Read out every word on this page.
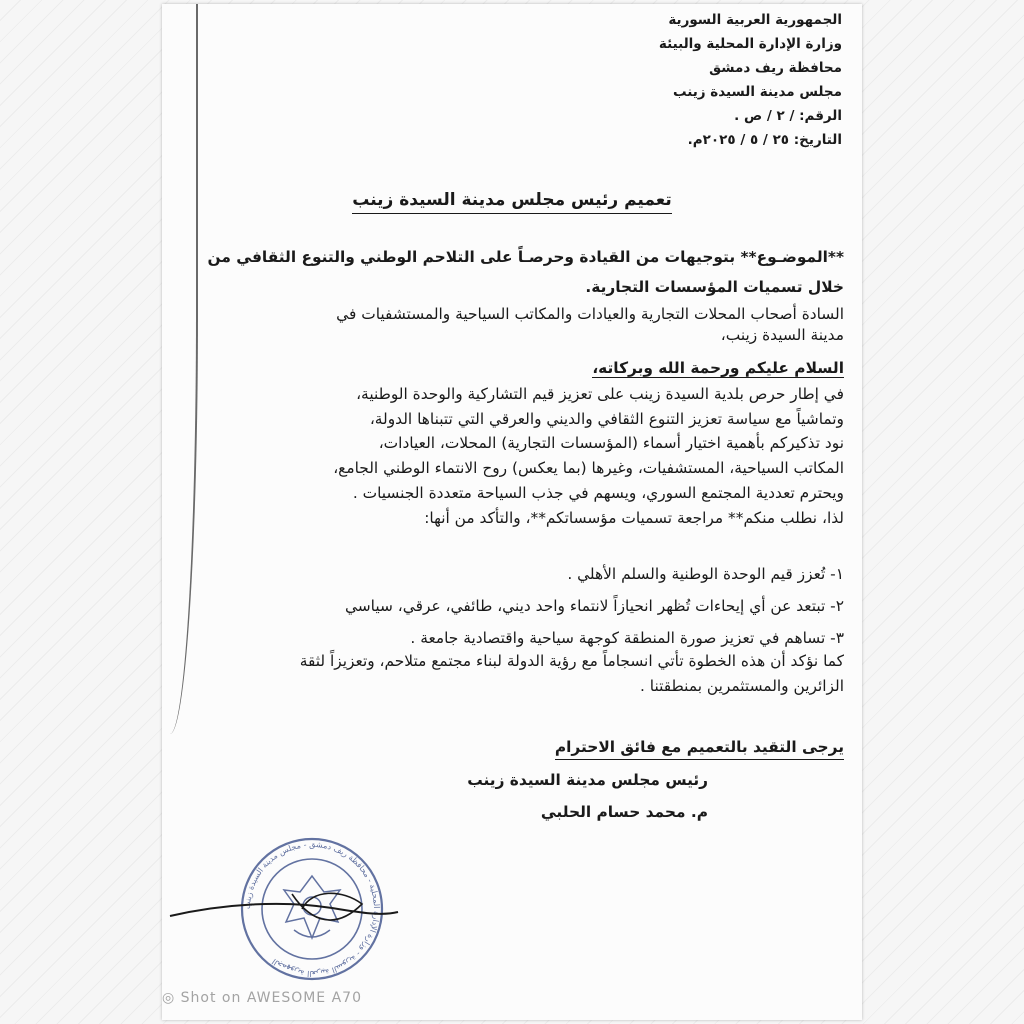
الجمهورية العربية السورية
وزارة الإدارة المحلية والبيئة
محافظة ريف دمشق
مجلس مدينة السيدة زينب
الرقم: / ٢ / ص .
التاريخ: ٢٥ / ٥ / ٢٠٢٥م.
تعميم رئيس مجلس مدينة السيدة زينب
**الموضـوع** بتوجيهات من القيادة وحرصـاً على التلاحم الوطني والتنوع الثقافي من
خلال تسميات المؤسسات التجارية.
السادة أصحاب المحلات التجارية والعيادات والمكاتب السياحية والمستشفيات في
مدينة السيدة زينب،
السلام عليكم ورحمة الله وبركاته،
في إطار حرص بلدية السيدة زينب على تعزيز قيم التشاركية والوحدة الوطنية،
وتماشياً مع سياسة تعزيز التنوع الثقافي والديني والعرقي التي تتبناها الدولة،
نود تذكيركم بأهمية اختيار أسماء (المؤسسات التجارية) المحلات، العيادات،
المكاتب السياحية، المستشفيات، وغيرها (بما يعكس) روح الانتماء الوطني الجامع،
ويحترم تعددية المجتمع السوري، ويسهم في جذب السياحة متعددة الجنسيات .
لذا، نطلب منكم** مراجعة تسميات مؤسساتكم**، والتأكد من أنها:
١- تُعزز قيم الوحدة الوطنية والسلم الأهلي .
٢- تبتعد عن أي إيحاءات تُظهر انحيازاً لانتماء واحد ديني، طائفي، عرقي، سياسي
٣- تساهم في تعزيز صورة المنطقة كوجهة سياحية واقتصادية جامعة .
كما نؤكد أن هذه الخطوة تأتي انسجاماً مع رؤية الدولة لبناء مجتمع متلاحم، وتعزيزاً لثقة
الزائرين والمستثمرين بمنطقتنا .
يرجى التقيد بالتعميم مع فائق الاحترام
رئيس مجلس مدينة السيدة زينب
م. محمد حسام الحلبي
الجمهورية العربية السورية - وزارة الإدارة المحلية - محافظة ريف دمشق - مجلس مدينة السيدة زينب
◎ Shot on AWESOME A70
